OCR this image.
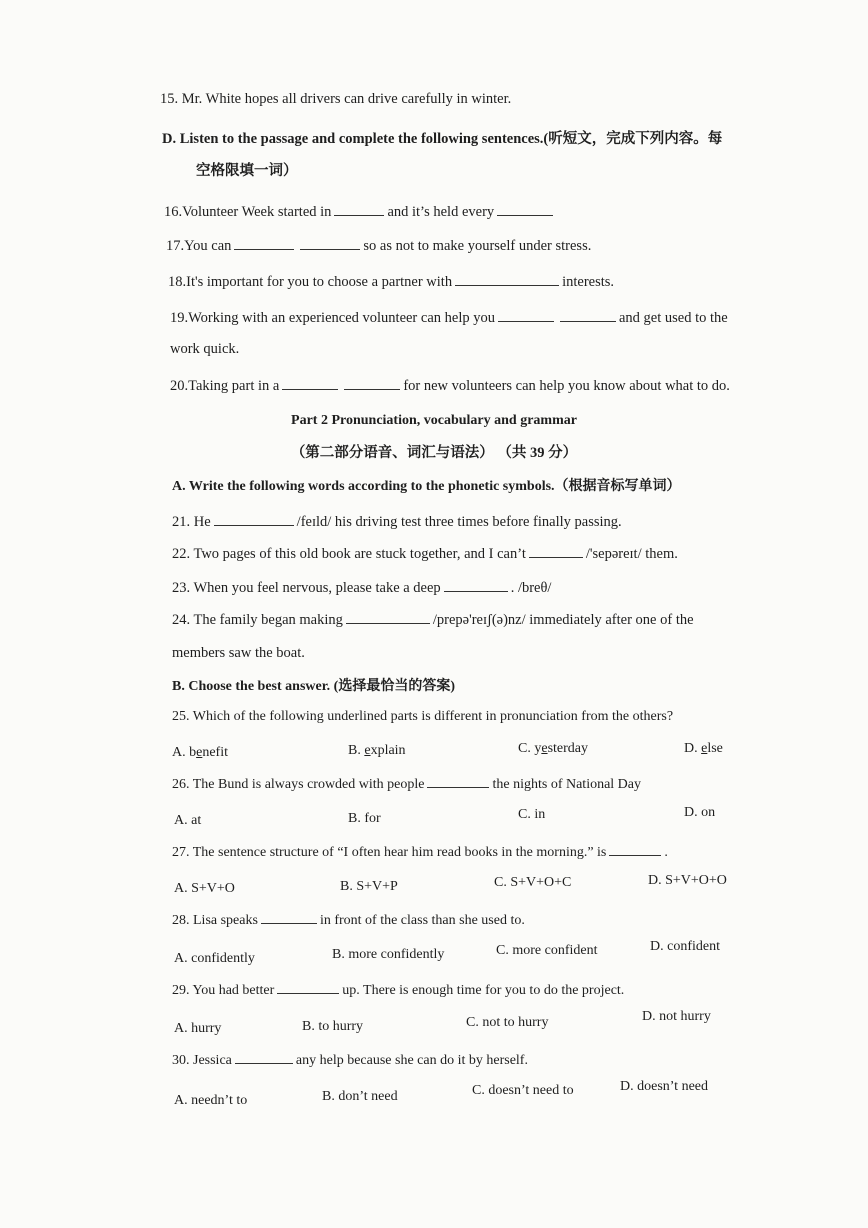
15. Mr. White hopes all drivers can drive carefully in winter.
D. Listen to the passage and complete the following sentences.(听短文，完成下列内容。每
空格限填一词）
16.Volunteer Week started in	and it’s held every
17.You can	so as not to make yourself under stress.
18.It's important for you to choose a partner with	interests.
19.Working with an experienced volunteer can help you	and get used to the
work quick.
20.Taking part in a	for new volunteers can help you know about what to do.
Part 2 Pronunciation, vocabulary and grammar
（第二部分语音、词汇与语法） （共 39 分）
A. Write the following words according to the phonetic symbols.（根据音标写单词）
21. He	/feɪld/ his driving test three times before finally passing.
22. Two pages of this old book are stuck together, and I can’t	/'sepəreɪt/ them.
23. When you feel nervous, please take a deep	. /breθ/
24. The family began making	/prepə'reɪʃ(ə)nz/ immediately after one of the
members saw the boat.
B. Choose the best answer. (选择最恰当的答案)
25. Which of the following underlined parts is different in pronunciation from the others?
A. benefit	B. explain	C. yesterday	D. else
26. The Bund is always crowded with people	the nights of National Day
A. at	B. for	C. in	D. on
27. The sentence structure of “I often hear him read books in the morning.” is	.
A. S+V+O	B. S+V+P	C. S+V+O+C	D. S+V+O+O
28. Lisa speaks	in front of the class than she used to.
A. confidently	B. more confidently	C. more confident	D. confident
29. You had better	up. There is enough time for you to do the project.
A. hurry	B. to hurry	C. not to hurry	D. not hurry
30. Jessica	any help because she can do it by herself.
A. needn’t to	B. don’t need	C. doesn’t need to	D. doesn’t need
